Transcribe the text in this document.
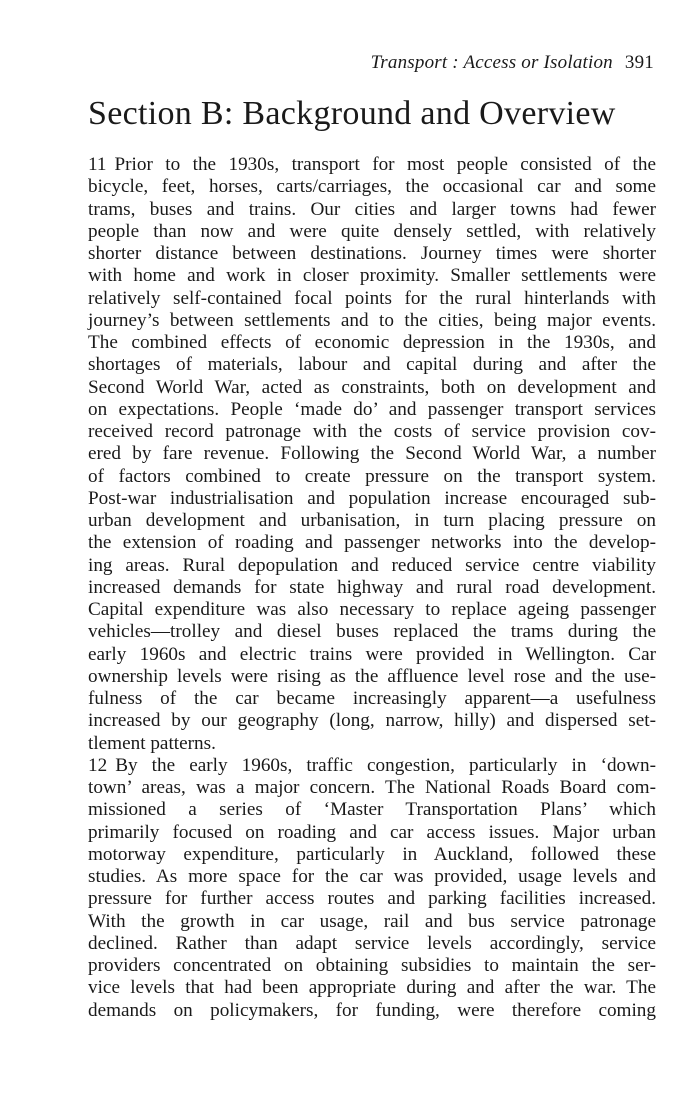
Transport : Access or Isolation 391
Section B: Background and Overview

11 Prior to the 1930s, transport for most people consisted of the

bicycle, feet, horses, carts/carriages, the occasional car and some

trams, buses and trains. Our cities and larger towns had fewer

people than now and were quite densely settled, with relatively

shorter distance between destinations. Journey times were shorter

with home and work in closer proximity. Smaller settlements were

relatively self-contained focal points for the rural hinterlands with

journey’s between settlements and to the cities, being major events.

The combined effects of economic depression in the 1930s, and

shortages of materials, labour and capital during and after the

Second World War, acted as constraints, both on development and

on expectations. People ‘made do’ and passenger transport services

received record patronage with the costs of service provision cov-

ered by fare revenue. Following the Second World War, a number

of factors combined to create pressure on the transport system.

Post-war industrialisation and population increase encouraged sub-

urban development and urbanisation, in turn placing pressure on

the extension of roading and passenger networks into the develop-

ing areas. Rural depopulation and reduced service centre viability

increased demands for state highway and rural road development.

Capital expenditure was also necessary to replace ageing passenger

vehicles—trolley and diesel buses replaced the trams during the

early 1960s and electric trains were provided in Wellington. Car

ownership levels were rising as the affluence level rose and the use-

fulness of the car became increasingly apparent—a usefulness

increased by our geography (long, narrow, hilly) and dispersed set-

tlement patterns.

12 By the early 1960s, traffic congestion, particularly in ‘down-

town’ areas, was a major concern. The National Roads Board com-

missioned a series of ‘Master Transportation Plans’ which

primarily focused on roading and car access issues. Major urban

motorway expenditure, particularly in Auckland, followed these

studies. As more space for the car was provided, usage levels and

pressure for further access routes and parking facilities increased.

With the growth in car usage, rail and bus service patronage

declined. Rather than adapt service levels accordingly, service

providers concentrated on obtaining subsidies to maintain the ser-

vice levels that had been appropriate during and after the war. The

demands on policymakers, for funding, were therefore coming
